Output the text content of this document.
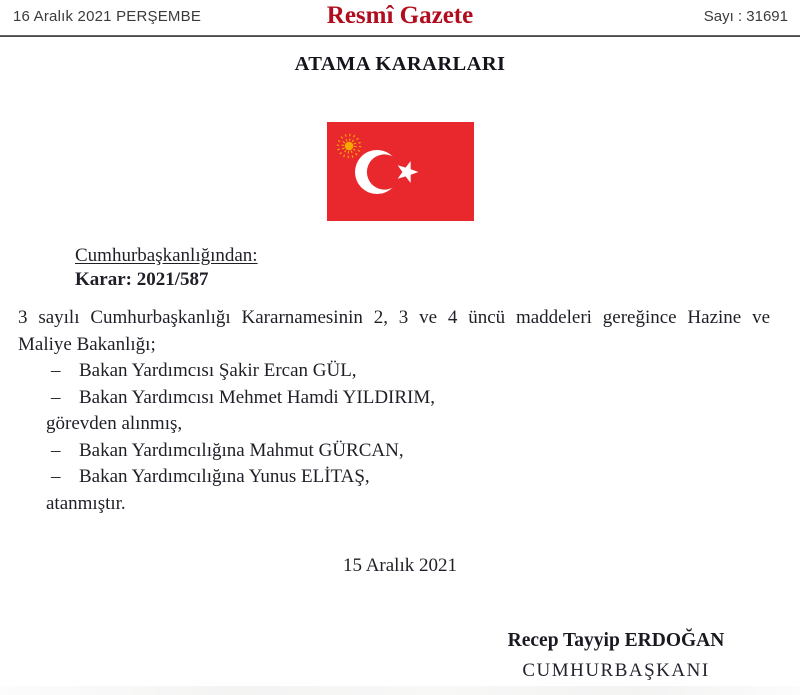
16 Aralık 2021 PERŞEMBE	Resmî Gazete	Sayı : 31691
ATAMA KARARLARI
Cumhurbaşkanlığından:
Karar: 2021/587
3 sayılı Cumhurbaşkanlığı Kararnamesinin 2, 3 ve 4 üncü maddeleri gereğince Hazine ve
Maliye Bakanlığı;
– Bakan Yardımcısı Şakir Ercan GÜL,
– Bakan Yardımcısı Mehmet Hamdi YILDIRIM,
görevden alınmış,
– Bakan Yardımcılığına Mahmut GÜRCAN,
– Bakan Yardımcılığına Yunus ELİTAŞ,
atanmıştır.
15 Aralık 2021
Recep Tayyip ERDOĞAN
CUMHURBAŞKANI
